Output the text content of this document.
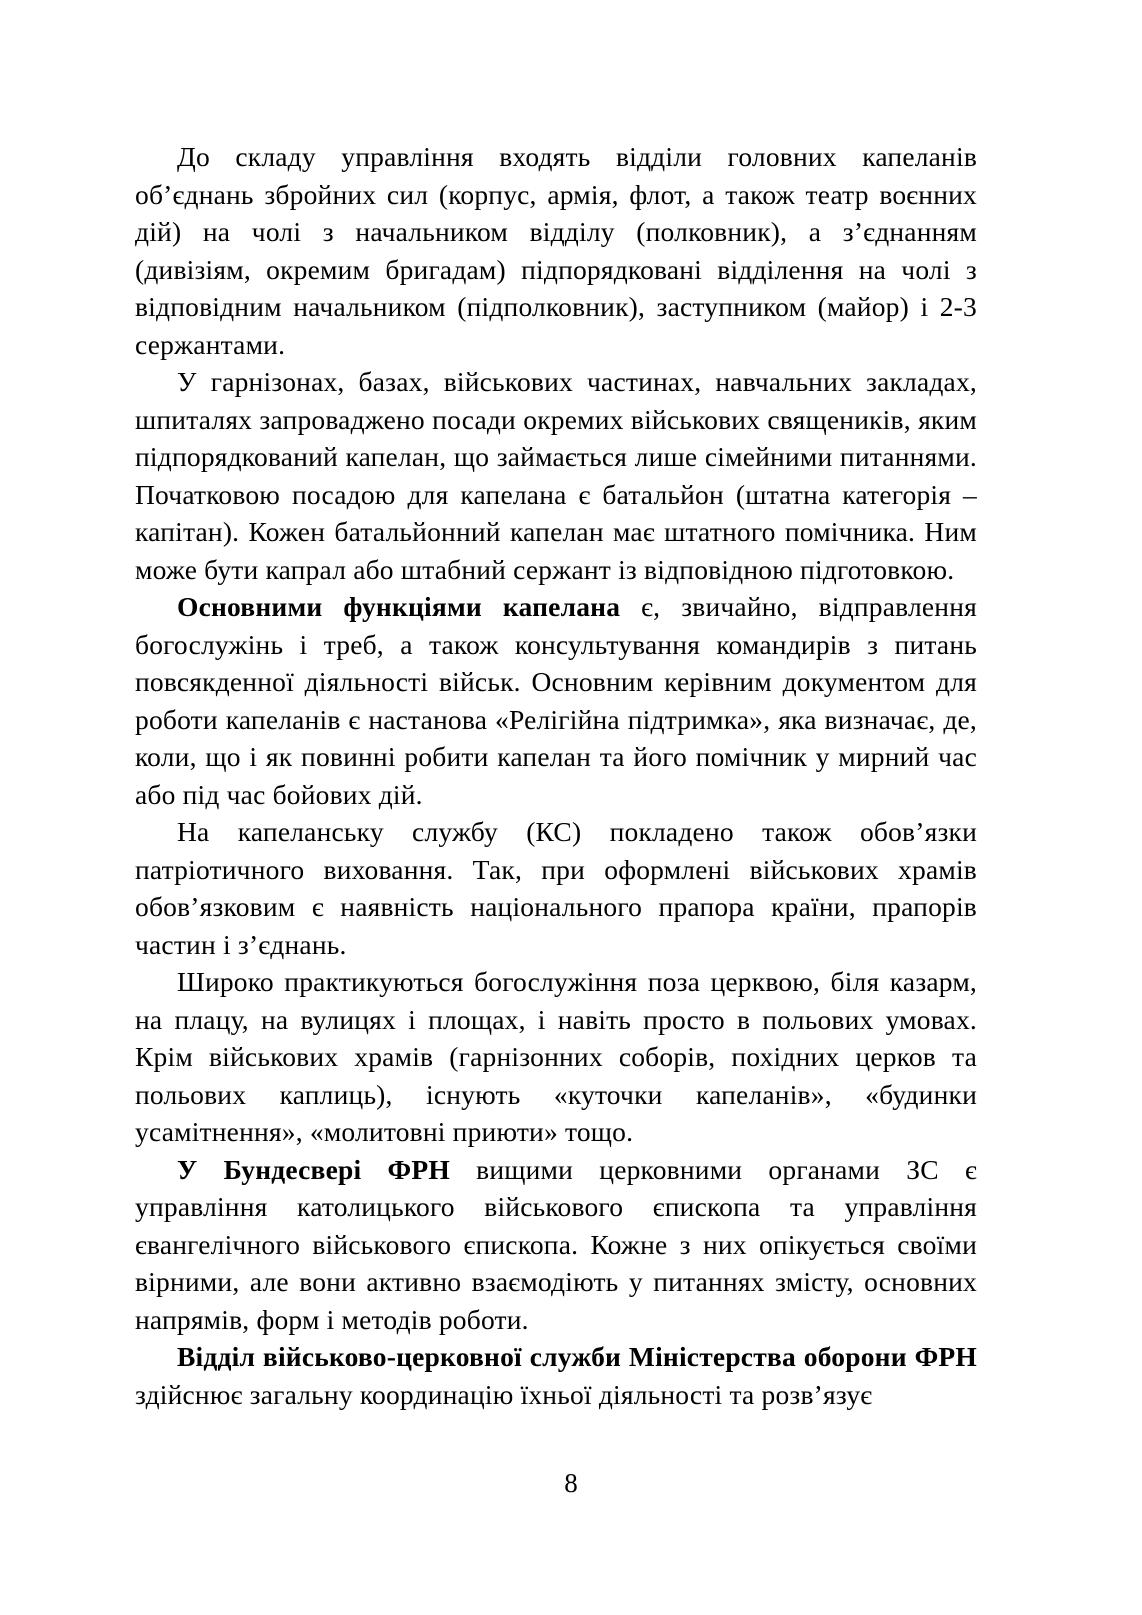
До складу управління входять відділи головних капеланів об’єднань збройних сил (корпус, армія, флот, а також театр воєнних дій) на чолі з начальником відділу (полковник), а з’єднанням (дивізіям, окремим бригадам) підпорядковані відділення на чолі з відповідним начальником (підполковник), заступником (майор) і 2-3 сержантами.

У гарнізонах, базах, військових частинах, навчальних закладах, шпиталях запроваджено посади окремих військових священиків, яким підпорядкований капелан, що займається лише сімейними питаннями. Початковою посадою для капелана є батальйон (штатна категорія – капітан). Кожен батальйонний капелан має штатного помічника. Ним може бути капрал або штабний сержант із відповідною підготовкою.

Основними функціями капелана є, звичайно, відправлення богослужінь і треб, а також консультування командирів з питань повсякденної діяльності військ. Основним керівним документом для роботи капеланів є настанова «Релігійна підтримка», яка визначає, де, коли, що і як повинні робити капелан та його помічник у мирний час або під час бойових дій.

На капеланську службу (КС) покладено також обов’язки патріотичного виховання. Так, при оформлені військових храмів обов’язковим є наявність національного прапора країни, прапорів частин і з’єднань.

Широко практикуються богослужіння поза церквою, біля казарм, на плацу, на вулицях і площах, і навіть просто в польових умовах. Крім військових храмів (гарнізонних соборів, похідних церков та польових каплиць), існують «куточки капеланів», «будинки усамітнення», «молитовні приюти» тощо.

У Бундесвері ФРН вищими церковними органами ЗС є управління католицького військового єпископа та управління євангелічного військового єпископа. Кожне з них опікується своїми вірними, але вони активно взаємодіють у питаннях змісту, основних напрямів, форм і методів роботи.

Відділ військово-церковної служби Міністерства оборони ФРН здійснює загальну координацію їхньої діяльності та розв’язує

8
